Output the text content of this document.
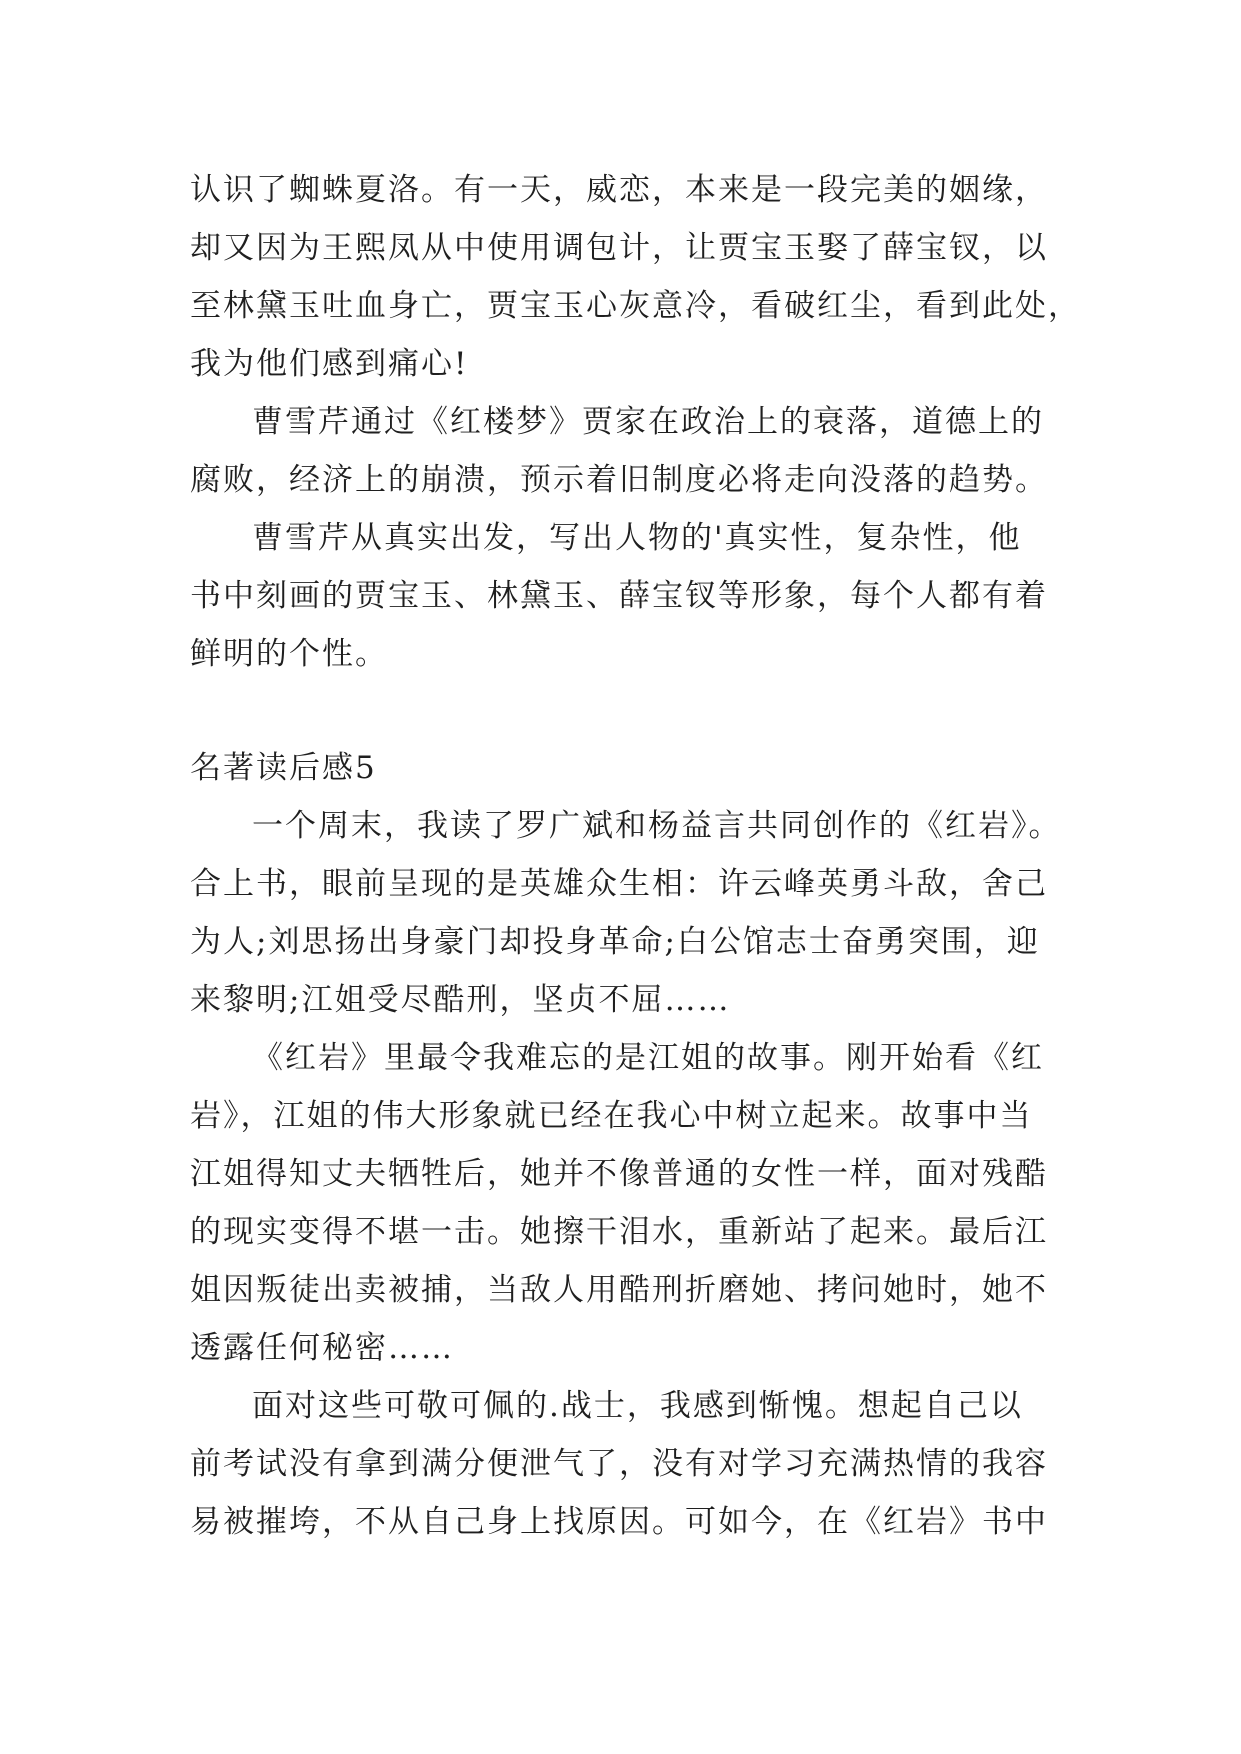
认识了蜘蛛夏洛。有一天，威恋，本来是一段完美的姻缘，
却又因为王熙凤从中使用调包计，让贾宝玉娶了薛宝钗，以
至林黛玉吐血身亡，贾宝玉心灰意冷，看破红尘，看到此处，
我为他们感到痛心!
曹雪芹通过《红楼梦》贾家在政治上的衰落，道德上的
腐败，经济上的崩溃，预示着旧制度必将走向没落的趋势。
曹雪芹从真实出发，写出人物的'真实性，复杂性，他
书中刻画的贾宝玉、林黛玉、薛宝钗等形象，每个人都有着
鲜明的个性。
名著读后感5
一个周末，我读了罗广斌和杨益言共同创作的《红岩》。
合上书，眼前呈现的是英雄众生相：许云峰英勇斗敌，舍己
为人;刘思扬出身豪门却投身革命;白公馆志士奋勇突围，迎
来黎明;江姐受尽酷刑，坚贞不屈……
《红岩》里最令我难忘的是江姐的故事。刚开始看《红
岩》，江姐的伟大形象就已经在我心中树立起来。故事中当
江姐得知丈夫牺牲后，她并不像普通的女性一样，面对残酷
的现实变得不堪一击。她擦干泪水，重新站了起来。最后江
姐因叛徒出卖被捕，当敌人用酷刑折磨她、拷问她时，她不
透露任何秘密……
面对这些可敬可佩的.战士，我感到惭愧。想起自己以
前考试没有拿到满分便泄气了，没有对学习充满热情的我容
易被摧垮，不从自己身上找原因。可如今，在《红岩》书中
